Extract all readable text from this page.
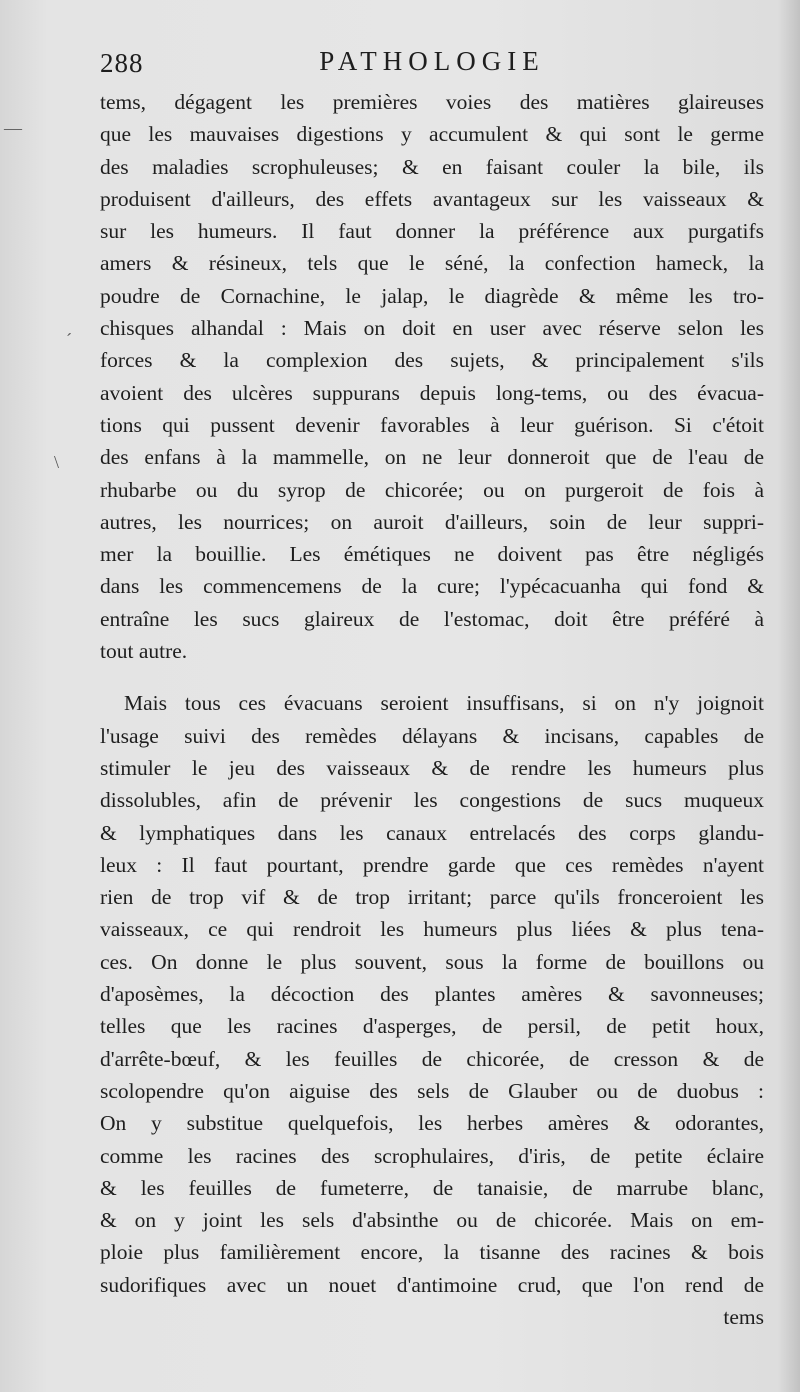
288	PATHOLOGIE
—
ˊ
\
tems, dégagent les premières voies des matières glaireuses
que les mauvaises digestions y accumulent & qui sont le germe
des maladies scrophuleuses; & en faisant couler la bile, ils
produisent d'ailleurs, des effets avantageux sur les vaisseaux &
sur les humeurs. Il faut donner la préférence aux purgatifs
amers & résineux, tels que le séné, la confection hameck, la
poudre de Cornachine, le jalap, le diagrède & même les tro-
chisques alhandal : Mais on doit en user avec réserve selon les
forces & la complexion des sujets, & principalement s'ils
avoient des ulcères suppurans depuis long-tems, ou des évacua-
tions qui pussent devenir favorables à leur guérison. Si c'étoit
des enfans à la mammelle, on ne leur donneroit que de l'eau de
rhubarbe ou du syrop de chicorée; ou on purgeroit de fois à
autres, les nourrices; on auroit d'ailleurs, soin de leur suppri-
mer la bouillie. Les émétiques ne doivent pas être négligés
dans les commencemens de la cure; l'ypécacuanha qui fond &
entraîne les sucs glaireux de l'estomac, doit être préféré à
tout autre.
Mais tous ces évacuans seroient insuffisans, si on n'y joignoit
l'usage suivi des remèdes délayans & incisans, capables de
stimuler le jeu des vaisseaux & de rendre les humeurs plus
dissolubles, afin de prévenir les congestions de sucs muqueux
& lymphatiques dans les canaux entrelacés des corps glandu-
leux : Il faut pourtant, prendre garde que ces remèdes n'ayent
rien de trop vif & de trop irritant; parce qu'ils fronceroient les
vaisseaux, ce qui rendroit les humeurs plus liées & plus tena-
ces. On donne le plus souvent, sous la forme de bouillons ou
d'aposèmes, la décoction des plantes amères & savonneuses;
telles que les racines d'asperges, de persil, de petit houx,
d'arrête-bœuf, & les feuilles de chicorée, de cresson & de
scolopendre qu'on aiguise des sels de Glauber ou de duobus :
On y substitue quelquefois, les herbes amères & odorantes,
comme les racines des scrophulaires, d'iris, de petite éclaire
& les feuilles de fumeterre, de tanaisie, de marrube blanc,
& on y joint les sels d'absinthe ou de chicorée. Mais on em-
ploie plus familièrement encore, la tisanne des racines & bois
sudorifiques avec un nouet d'antimoine crud, que l'on rend de
tems
